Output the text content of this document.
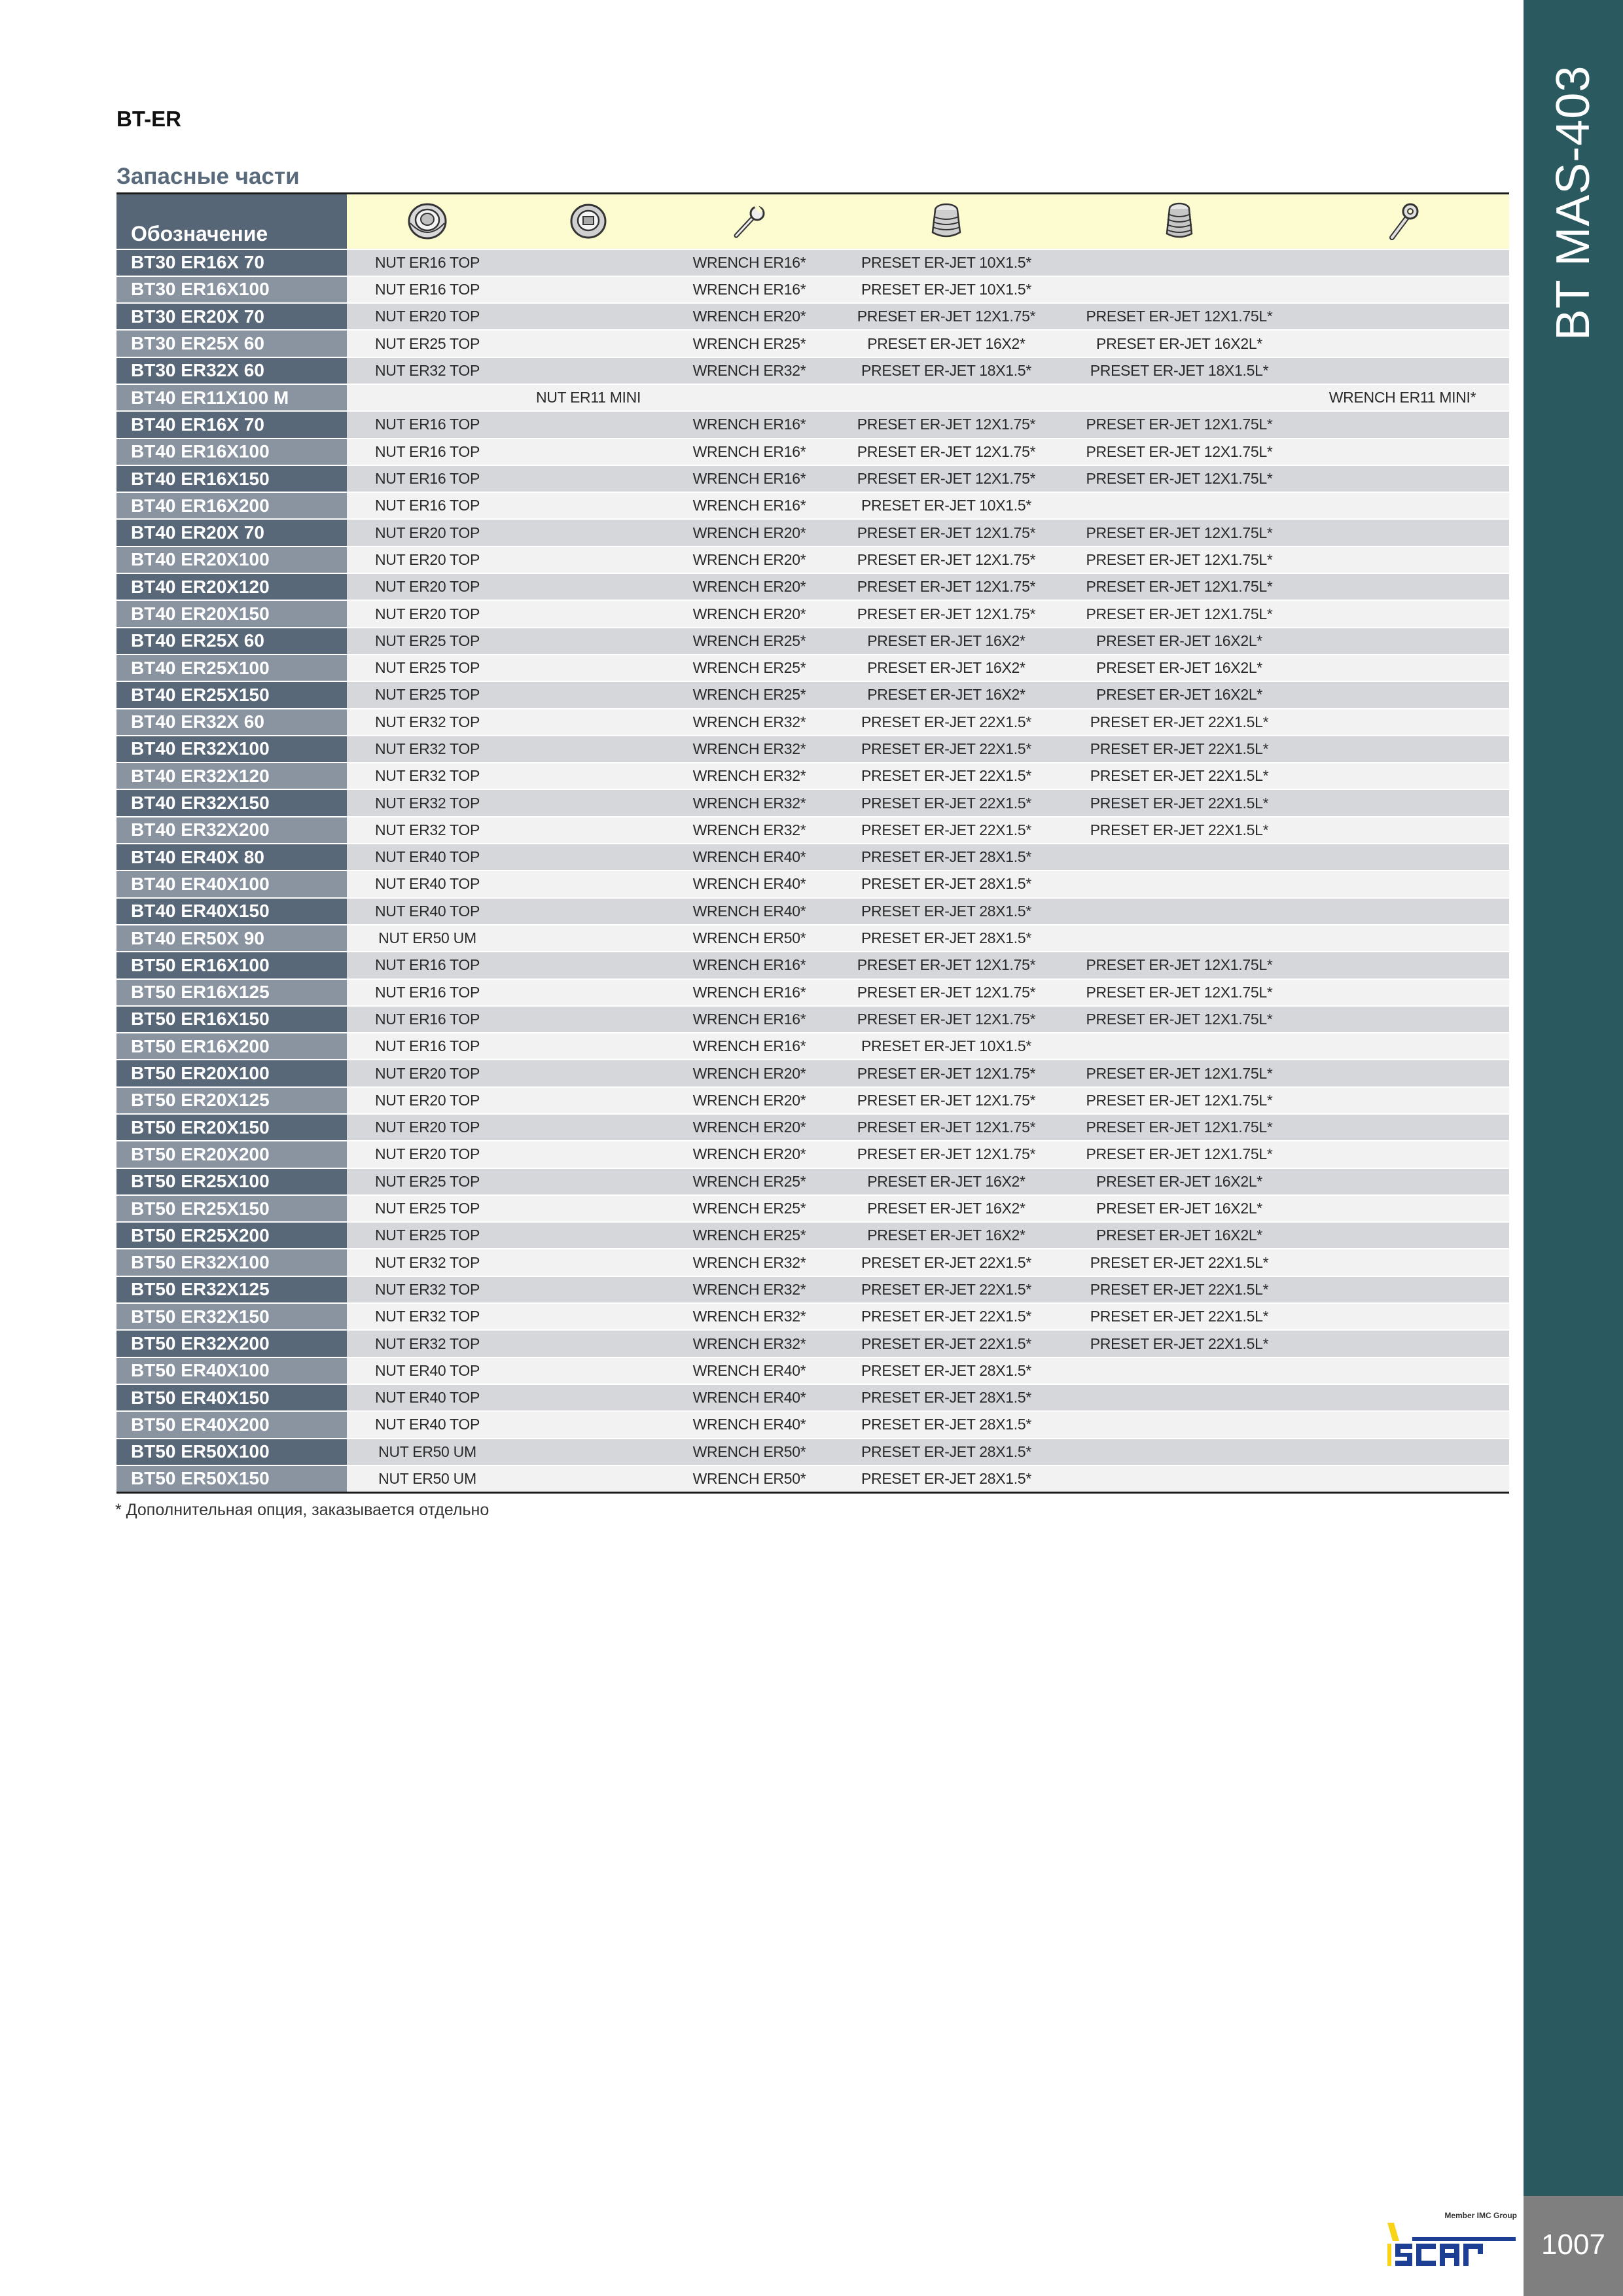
BT MAS-403
1007
Member IMC Group
BT-ER
Запасные части
Обозначение	

BT30 ER16X 70	NUT ER16 TOP		WRENCH ER16*	PRESET ER-JET 10X1.5*		
BT30 ER16X100	NUT ER16 TOP		WRENCH ER16*	PRESET ER-JET 10X1.5*		
BT30 ER20X 70	NUT ER20 TOP		WRENCH ER20*	PRESET ER-JET 12X1.75*	PRESET ER-JET 12X1.75L*	
BT30 ER25X 60	NUT ER25 TOP		WRENCH ER25*	PRESET ER-JET 16X2*	PRESET ER-JET 16X2L*	
BT30 ER32X 60	NUT ER32 TOP		WRENCH ER32*	PRESET ER-JET 18X1.5*	PRESET ER-JET 18X1.5L*	
BT40 ER11X100 M		NUT ER11 MINI				WRENCH ER11 MINI*
BT40 ER16X 70	NUT ER16 TOP		WRENCH ER16*	PRESET ER-JET 12X1.75*	PRESET ER-JET 12X1.75L*	
BT40 ER16X100	NUT ER16 TOP		WRENCH ER16*	PRESET ER-JET 12X1.75*	PRESET ER-JET 12X1.75L*	
BT40 ER16X150	NUT ER16 TOP		WRENCH ER16*	PRESET ER-JET 12X1.75*	PRESET ER-JET 12X1.75L*	
BT40 ER16X200	NUT ER16 TOP		WRENCH ER16*	PRESET ER-JET 10X1.5*		
BT40 ER20X 70	NUT ER20 TOP		WRENCH ER20*	PRESET ER-JET 12X1.75*	PRESET ER-JET 12X1.75L*	
BT40 ER20X100	NUT ER20 TOP		WRENCH ER20*	PRESET ER-JET 12X1.75*	PRESET ER-JET 12X1.75L*	
BT40 ER20X120	NUT ER20 TOP		WRENCH ER20*	PRESET ER-JET 12X1.75*	PRESET ER-JET 12X1.75L*	
BT40 ER20X150	NUT ER20 TOP		WRENCH ER20*	PRESET ER-JET 12X1.75*	PRESET ER-JET 12X1.75L*	
BT40 ER25X 60	NUT ER25 TOP		WRENCH ER25*	PRESET ER-JET 16X2*	PRESET ER-JET 16X2L*	
BT40 ER25X100	NUT ER25 TOP		WRENCH ER25*	PRESET ER-JET 16X2*	PRESET ER-JET 16X2L*	
BT40 ER25X150	NUT ER25 TOP		WRENCH ER25*	PRESET ER-JET 16X2*	PRESET ER-JET 16X2L*	
BT40 ER32X 60	NUT ER32 TOP		WRENCH ER32*	PRESET ER-JET 22X1.5*	PRESET ER-JET 22X1.5L*	
BT40 ER32X100	NUT ER32 TOP		WRENCH ER32*	PRESET ER-JET 22X1.5*	PRESET ER-JET 22X1.5L*	
BT40 ER32X120	NUT ER32 TOP		WRENCH ER32*	PRESET ER-JET 22X1.5*	PRESET ER-JET 22X1.5L*	
BT40 ER32X150	NUT ER32 TOP		WRENCH ER32*	PRESET ER-JET 22X1.5*	PRESET ER-JET 22X1.5L*	
BT40 ER32X200	NUT ER32 TOP		WRENCH ER32*	PRESET ER-JET 22X1.5*	PRESET ER-JET 22X1.5L*	
BT40 ER40X 80	NUT ER40 TOP		WRENCH ER40*	PRESET ER-JET 28X1.5*		
BT40 ER40X100	NUT ER40 TOP		WRENCH ER40*	PRESET ER-JET 28X1.5*		
BT40 ER40X150	NUT ER40 TOP		WRENCH ER40*	PRESET ER-JET 28X1.5*		
BT40 ER50X 90	NUT ER50 UM		WRENCH ER50*	PRESET ER-JET 28X1.5*		
BT50 ER16X100	NUT ER16 TOP		WRENCH ER16*	PRESET ER-JET 12X1.75*	PRESET ER-JET 12X1.75L*	
BT50 ER16X125	NUT ER16 TOP		WRENCH ER16*	PRESET ER-JET 12X1.75*	PRESET ER-JET 12X1.75L*	
BT50 ER16X150	NUT ER16 TOP		WRENCH ER16*	PRESET ER-JET 12X1.75*	PRESET ER-JET 12X1.75L*	
BT50 ER16X200	NUT ER16 TOP		WRENCH ER16*	PRESET ER-JET 10X1.5*		
BT50 ER20X100	NUT ER20 TOP		WRENCH ER20*	PRESET ER-JET 12X1.75*	PRESET ER-JET 12X1.75L*	
BT50 ER20X125	NUT ER20 TOP		WRENCH ER20*	PRESET ER-JET 12X1.75*	PRESET ER-JET 12X1.75L*	
BT50 ER20X150	NUT ER20 TOP		WRENCH ER20*	PRESET ER-JET 12X1.75*	PRESET ER-JET 12X1.75L*	
BT50 ER20X200	NUT ER20 TOP		WRENCH ER20*	PRESET ER-JET 12X1.75*	PRESET ER-JET 12X1.75L*	
BT50 ER25X100	NUT ER25 TOP		WRENCH ER25*	PRESET ER-JET 16X2*	PRESET ER-JET 16X2L*	
BT50 ER25X150	NUT ER25 TOP		WRENCH ER25*	PRESET ER-JET 16X2*	PRESET ER-JET 16X2L*	
BT50 ER25X200	NUT ER25 TOP		WRENCH ER25*	PRESET ER-JET 16X2*	PRESET ER-JET 16X2L*	
BT50 ER32X100	NUT ER32 TOP		WRENCH ER32*	PRESET ER-JET 22X1.5*	PRESET ER-JET 22X1.5L*	
BT50 ER32X125	NUT ER32 TOP		WRENCH ER32*	PRESET ER-JET 22X1.5*	PRESET ER-JET 22X1.5L*	
BT50 ER32X150	NUT ER32 TOP		WRENCH ER32*	PRESET ER-JET 22X1.5*	PRESET ER-JET 22X1.5L*	
BT50 ER32X200	NUT ER32 TOP		WRENCH ER32*	PRESET ER-JET 22X1.5*	PRESET ER-JET 22X1.5L*	
BT50 ER40X100	NUT ER40 TOP		WRENCH ER40*	PRESET ER-JET 28X1.5*		
BT50 ER40X150	NUT ER40 TOP		WRENCH ER40*	PRESET ER-JET 28X1.5*		
BT50 ER40X200	NUT ER40 TOP		WRENCH ER40*	PRESET ER-JET 28X1.5*		
BT50 ER50X100	NUT ER50 UM		WRENCH ER50*	PRESET ER-JET 28X1.5*		
BT50 ER50X150	NUT ER50 UM		WRENCH ER50*	PRESET ER-JET 28X1.5*		
* Дополнительная опция, заказывается отдельно
